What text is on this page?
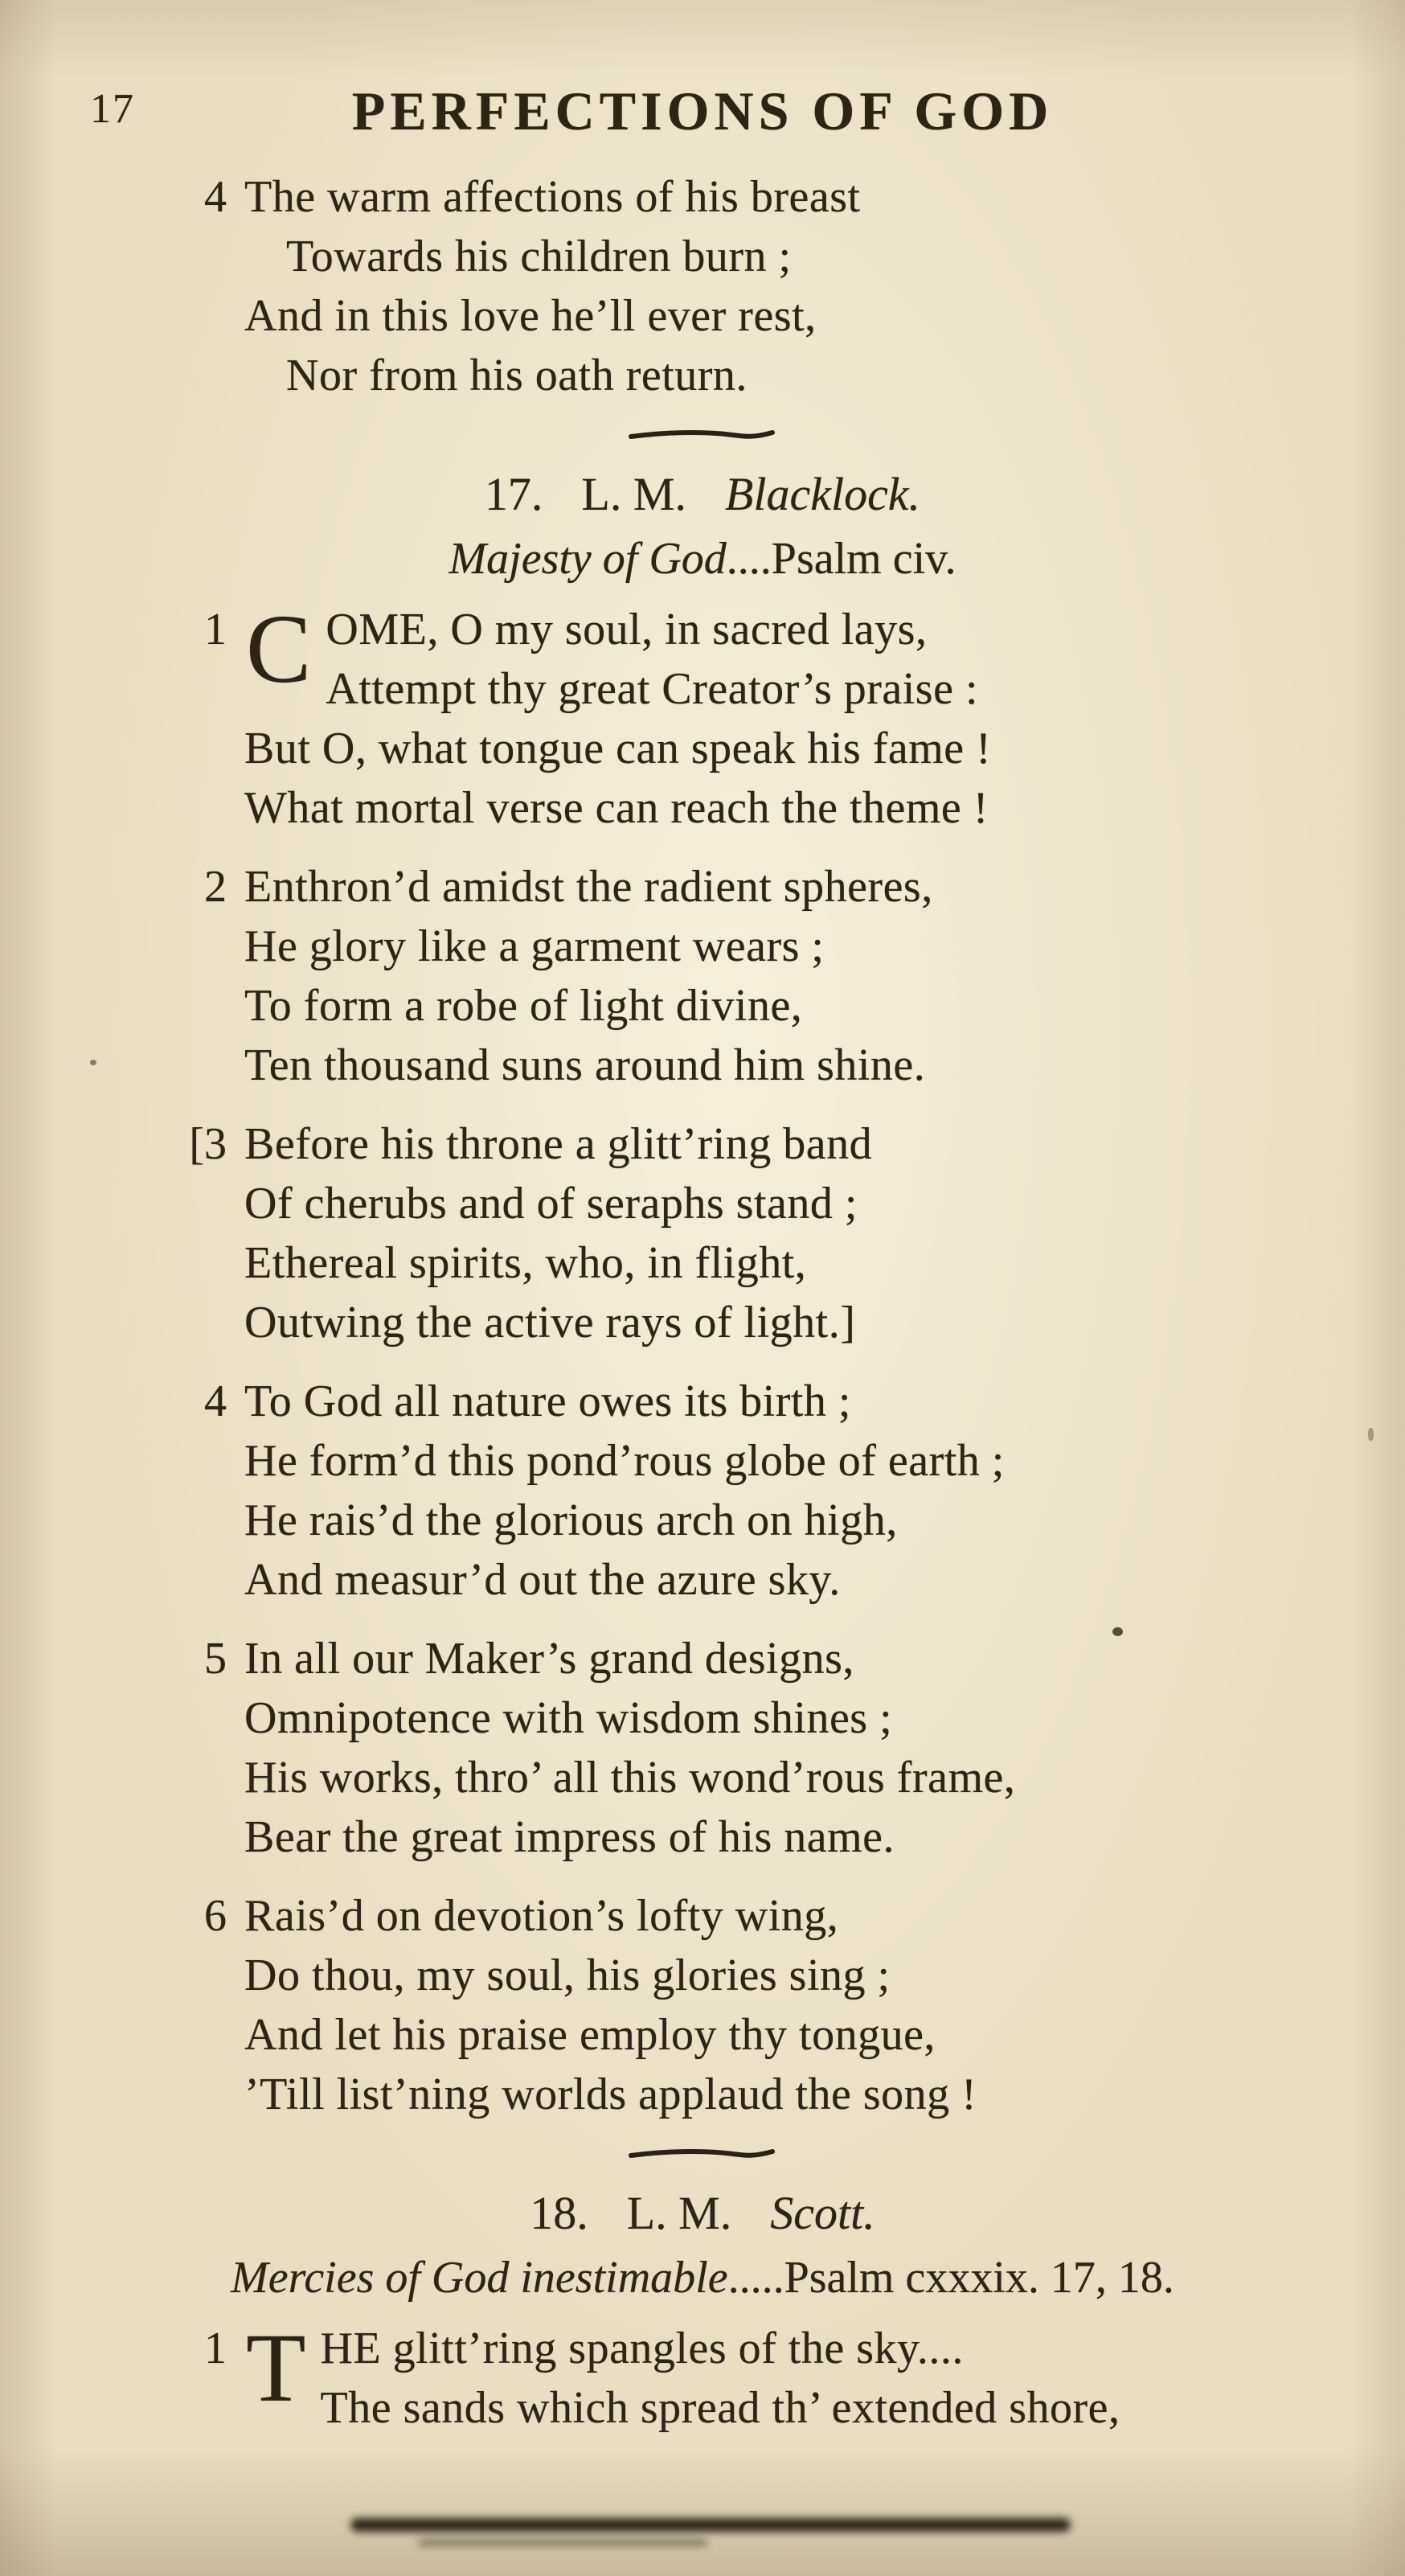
17	PERFECTIONS OF GOD
4 The warm affections of his breast
Towards his children burn ;
And in this love he’ll ever rest,
Nor from his oath return.
17. L. M. Blacklock.
Majesty of God....Psalm civ.
1 C OME, O my soul, in sacred lays,
Attempt thy great Creator’s praise :
But O, what tongue can speak his fame !
What mortal verse can reach the theme !
2 Enthron’d amidst the radient spheres,
He glory like a garment wears ;
To form a robe of light divine,
Ten thousand suns around him shine.
[3 Before his throne a glitt’ring band
Of cherubs and of seraphs stand ;
Ethereal spirits, who, in flight,
Outwing the active rays of light.]
4 To God all nature owes its birth ;
He form’d this pond’rous globe of earth ;
He rais’d the glorious arch on high,
And measur’d out the azure sky.
5 In all our Maker’s grand designs,
Omnipotence with wisdom shines ;
His works, thro’ all this wond’rous frame,
Bear the great impress of his name.
6 Rais’d on devotion’s lofty wing,
Do thou, my soul, his glories sing ;
And let his praise employ thy tongue,
’Till list’ning worlds applaud the song !
18. L. M. Scott.
Mercies of God inestimable.....Psalm cxxxix. 17, 18.
1 T HE glitt’ring spangles of the sky....
The sands which spread th’ extended shore,
